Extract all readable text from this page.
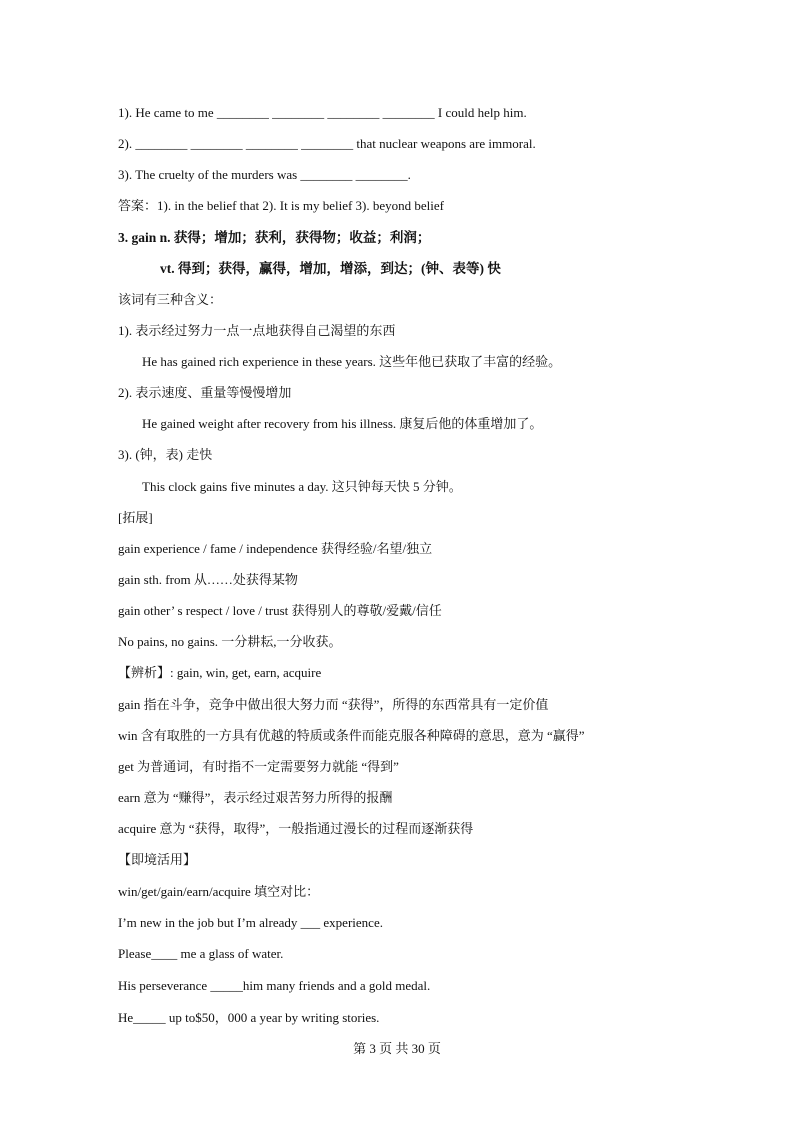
1). He came to me ________ ________ ________ ________ I could help him.
2). ________ ________ ________ ________ that nuclear weapons are immoral.
3). The cruelty of the murders was ________ ________.
答案：1). in the belief that 2). It is my belief 3). beyond belief
3. gain n. 获得；增加；获利，获得物；收益；利润；
vt. 得到；获得，赢得，增加，增添，到达；(钟、表等) 快
该词有三种含义：
1). 表示经过努力一点一点地获得自己渴望的东西
He has gained rich experience in these years. 这些年他已获取了丰富的经验。
2). 表示速度、重量等慢慢增加
He gained weight after recovery from his illness. 康复后他的体重增加了。
3). (钟，表) 走快
This clock gains five minutes a day. 这只钟每天快 5 分钟。
[拓展]
gain experience / fame / independence 获得经验/名望/独立
gain sth. from 从……处获得某物
gain other’ s respect / love / trust 获得别人的尊敬/爱戴/信任
No pains, no gains. 一分耕耘,一分收获。
【辨析】: gain, win, get, earn, acquire
gain 指在斗争，竞争中做出很大努力而 “获得”，所得的东西常具有一定价值
win 含有取胜的一方具有优越的特质或条件而能克服各种障碍的意思，意为 “赢得”
get 为普通词，有时指不一定需要努力就能 “得到”
earn 意为 “赚得”，表示经过艰苦努力所得的报酬
acquire 意为 “获得，取得”，一般指通过漫长的过程而逐渐获得
【即境活用】
win/get/gain/earn/acquire 填空对比：
I’m new in the job but I’m already ___ experience.
Please____ me a glass of water.
His perseverance _____him many friends and a gold medal.
He_____ up to$50，000 a year by writing stories.
第 3 页 共 30 页
